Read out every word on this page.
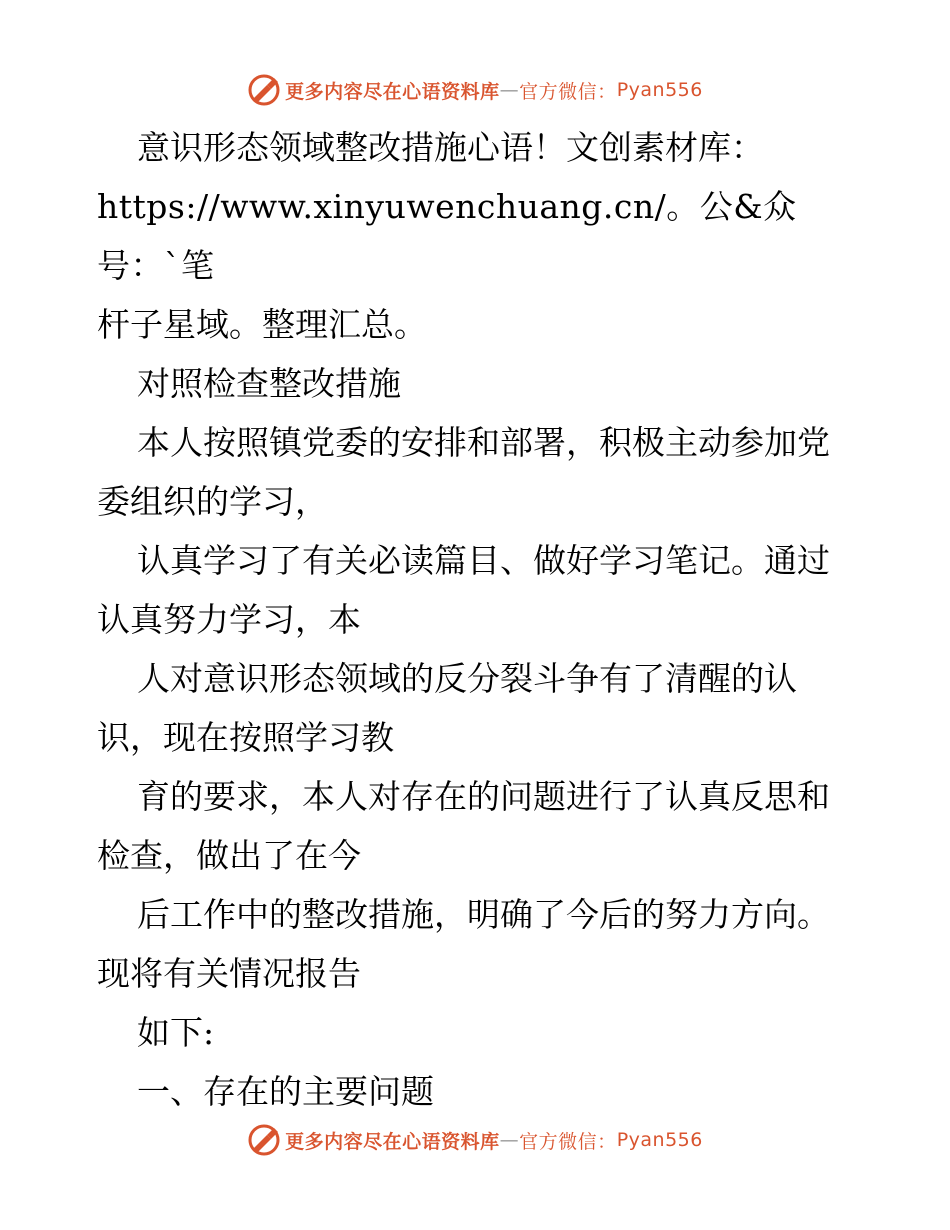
更多内容尽在心语资料库 — 官方微信： Pyan556

意识形态领域整改措施心语！文创素材库：

https://www.xinyuwenchuang.cn/。公&众号：`笔

杆子星域。整理汇总。

对照检查整改措施

本人按照镇党委的安排和部署，积极主动参加党

委组织的学习，

认真学习了有关必读篇目、做好学习笔记。通过

认真努力学习，本

人对意识形态领域的反分裂斗争有了清醒的认

识，现在按照学习教

育的要求，本人对存在的问题进行了认真反思和

检查，做出了在今

后工作中的整改措施，明确了今后的努力方向。

现将有关情况报告

如下:

一、存在的主要问题

更多内容尽在心语资料库 — 官方微信： Pyan556
